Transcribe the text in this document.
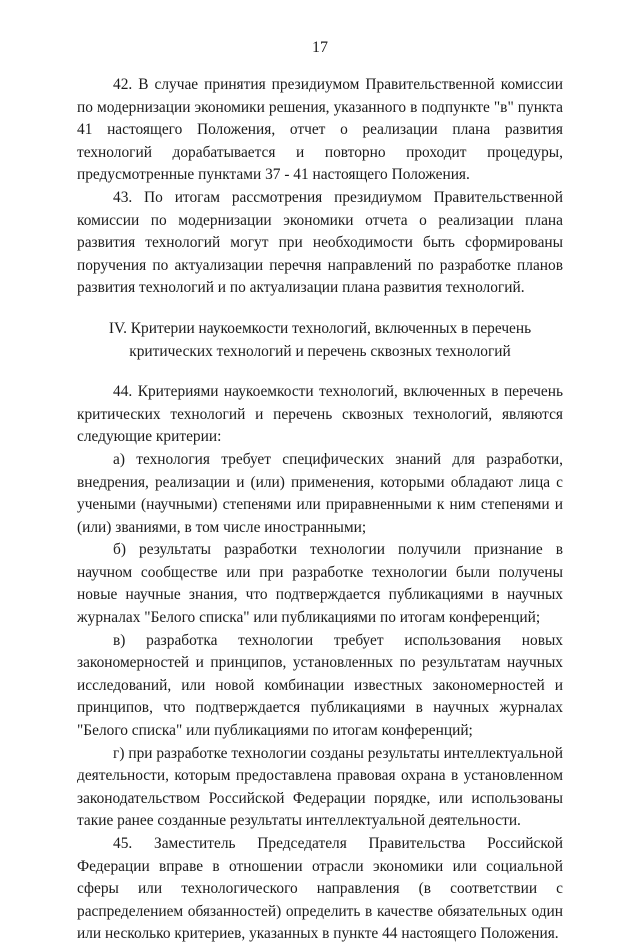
17

42. В случае принятия президиумом Правительственной комиссии по модернизации экономики решения, указанного в подпункте "в" пункта 41 настоящего Положения, отчет о реализации плана развития технологий дорабатывается и повторно проходит процедуры, предусмотренные пунктами 37 - 41 настоящего Положения.

43. По итогам рассмотрения президиумом Правительственной комиссии по модернизации экономики отчета о реализации плана развития технологий могут при необходимости быть сформированы поручения по актуализации перечня направлений по разработке планов развития технологий и по актуализации плана развития технологий.

IV. Критерии наукоемкости технологий, включенных в перечень
критических технологий и перечень сквозных технологий

44. Критериями наукоемкости технологий, включенных в перечень критических технологий и перечень сквозных технологий, являются следующие критерии:

а) технология требует специфических знаний для разработки, внедрения, реализации и (или) применения, которыми обладают лица с учеными (научными) степенями или приравненными к ним степенями и (или) званиями, в том числе иностранными;

б) результаты разработки технологии получили признание в научном сообществе или при разработке технологии были получены новые научные знания, что подтверждается публикациями в научных журналах "Белого списка" или публикациями по итогам конференций;

в) разработка технологии требует использования новых закономерностей и принципов, установленных по результатам научных исследований, или новой комбинации известных закономерностей и принципов, что подтверждается публикациями в научных журналах "Белого списка" или публикациями по итогам конференций;

г) при разработке технологии созданы результаты интеллектуальной деятельности, которым предоставлена правовая охрана в установленном законодательством Российской Федерации порядке, или использованы такие ранее созданные результаты интеллектуальной деятельности.

45. Заместитель Председателя Правительства Российской Федерации вправе в отношении отрасли экономики или социальной сферы или технологического направления (в соответствии с распределением обязанностей) определить в качестве обязательных один или несколько критериев, указанных в пункте 44 настоящего Положения.
